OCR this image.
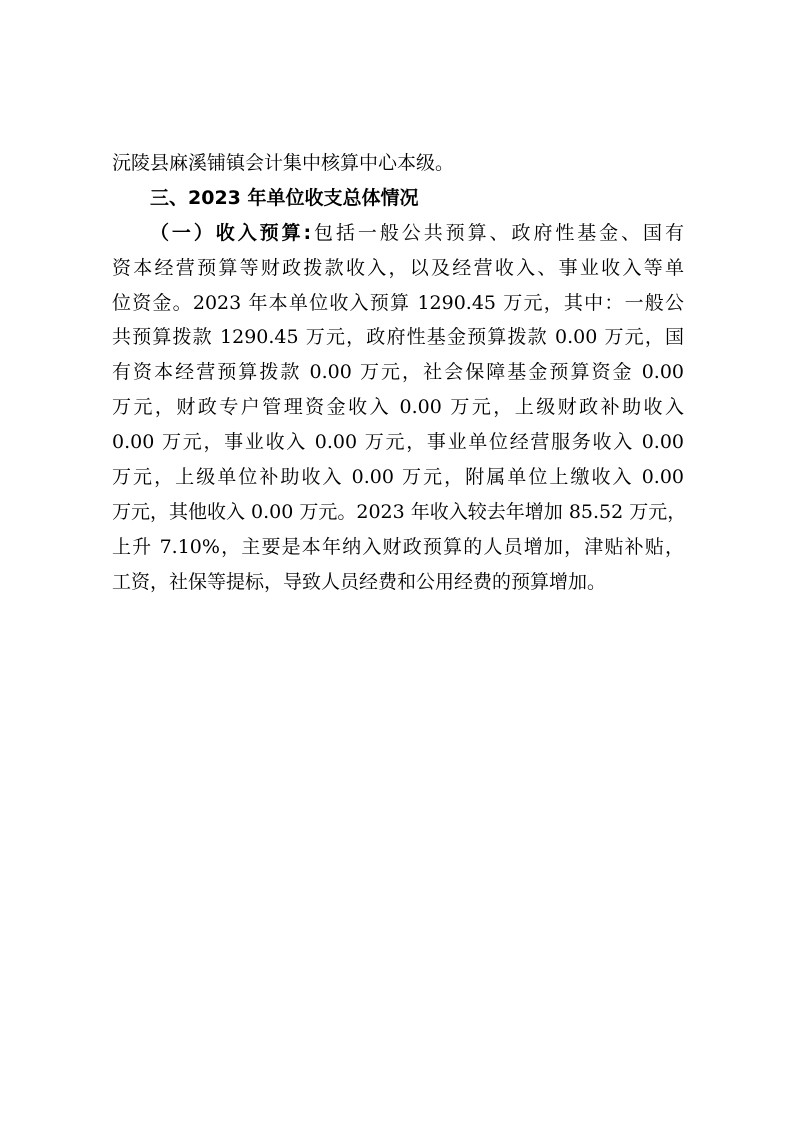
沅陵县麻溪铺镇会计集中核算中心本级。
三、2023 年单位收支总体情况
（一）收入预算:包括一般公共预算、政府性基金、国有
资本经营预算等财政拨款收入，以及经营收入、事业收入等单
位资金。2023 年本单位收入预算 1290.45 万元，其中：一般公
共预算拨款 1290.45 万元，政府性基金预算拨款 0.00 万元，国
有资本经营预算拨款 0.00 万元，社会保障基金预算资金 0.00
万元，财政专户管理资金收入 0.00 万元，上级财政补助收入
0.00 万元，事业收入 0.00 万元，事业单位经营服务收入 0.00
万元，上级单位补助收入 0.00 万元，附属单位上缴收入 0.00
万元，其他收入 0.00 万元。2023 年收入较去年增加 85.52 万元，
上升 7.10%，主要是本年纳入财政预算的人员增加，津贴补贴，
工资，社保等提标，导致人员经费和公用经费的预算增加。
